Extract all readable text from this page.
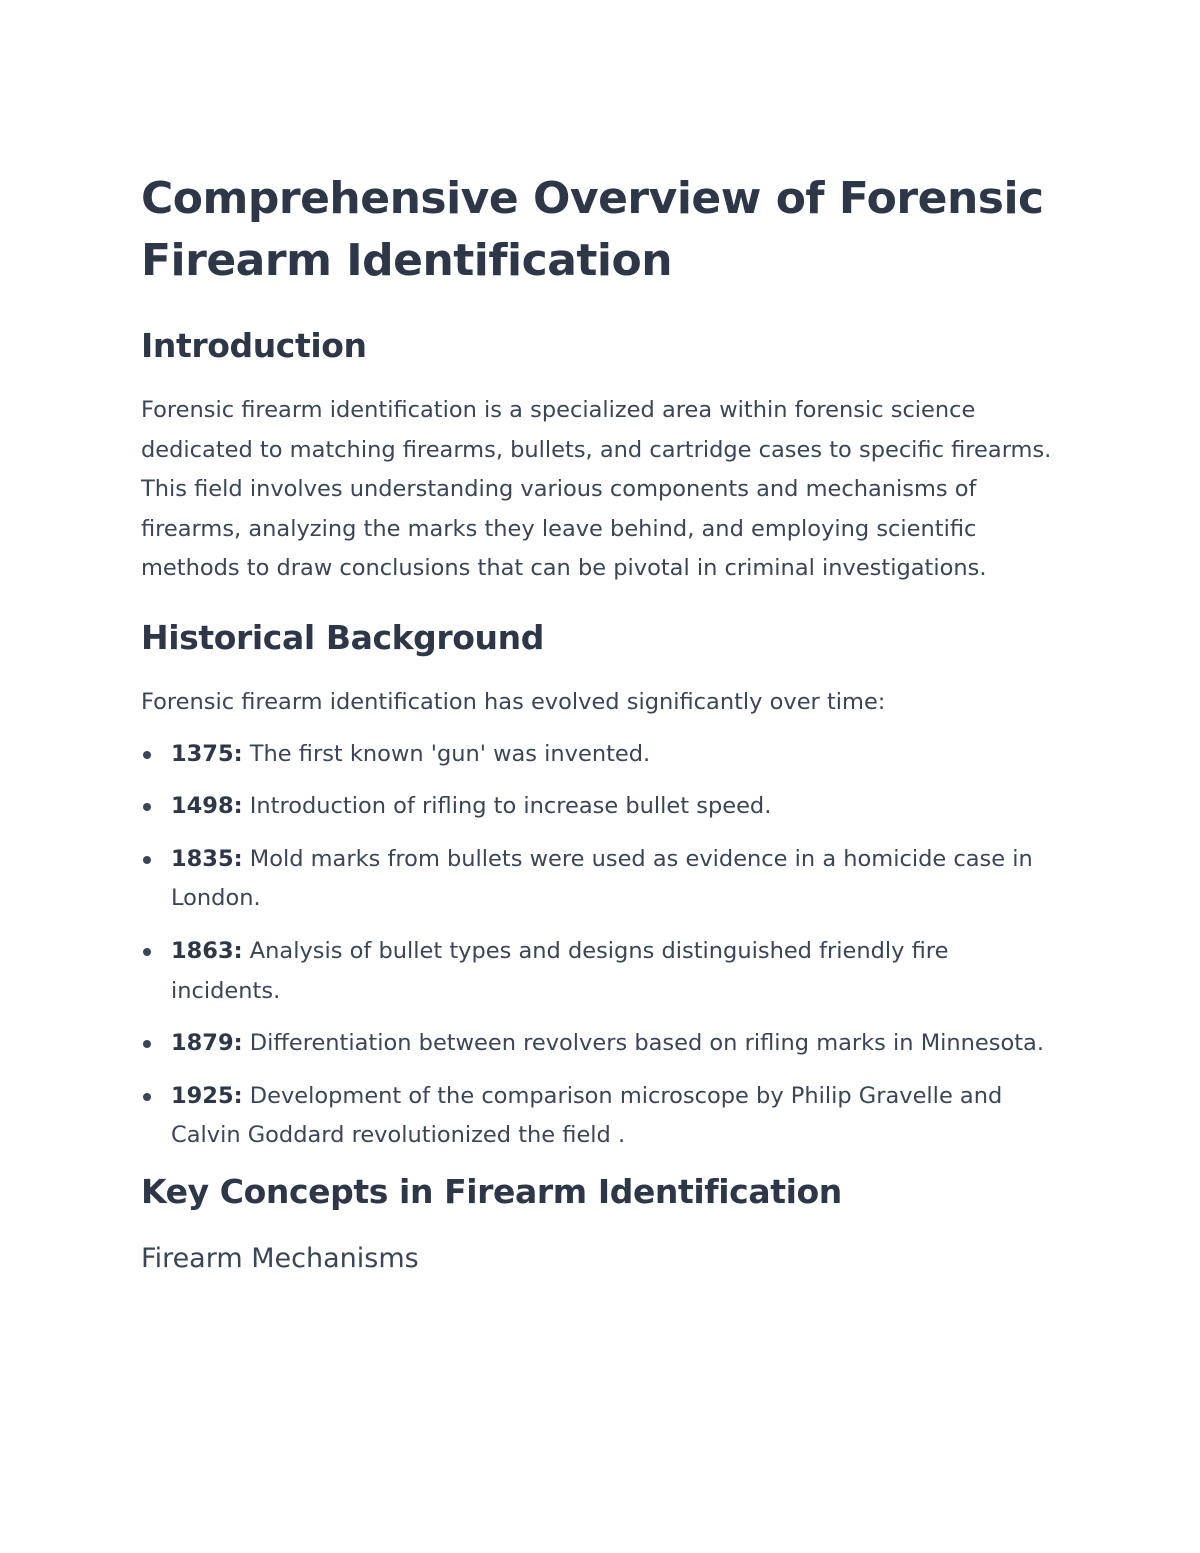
Comprehensive Overview of Forensic Firearm Identification
Introduction

Forensic firearm identification is a specialized area within forensic science dedicated to matching firearms, bullets, and cartridge cases to specific firearms. This field involves understanding various components and mechanisms of firearms, analyzing the marks they leave behind, and employing scientific methods to draw conclusions that can be pivotal in criminal investigations.

Historical Background

Forensic firearm identification has evolved significantly over time:

1375: The first known 'gun' was invented.
1498: Introduction of rifling to increase bullet speed.
1835: Mold marks from bullets were used as evidence in a homicide case in London.
1863: Analysis of bullet types and designs distinguished friendly fire incidents.
1879: Differentiation between revolvers based on rifling marks in Minnesota.
1925: Development of the comparison microscope by Philip Gravelle and Calvin Goddard revolutionized the field .
Key Concepts in Firearm Identification
Firearm Mechanisms
